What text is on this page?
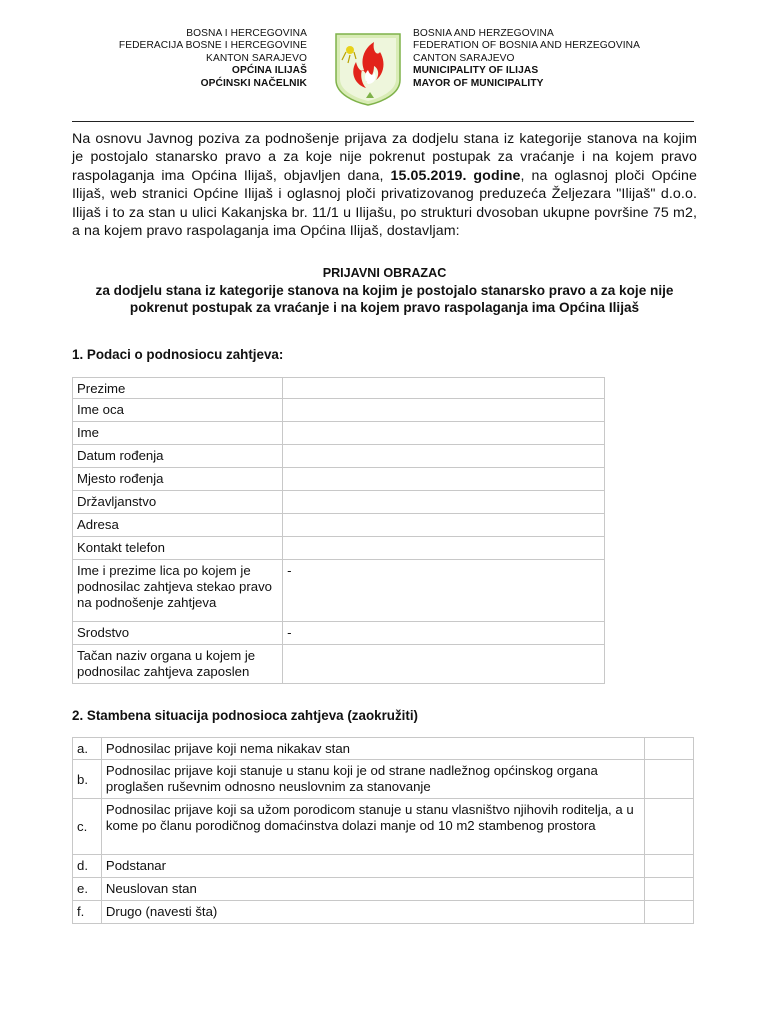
BOSNA I HERCEGOVINA
FEDERACIJA BOSNE I HERCEGOVINE
KANTON SARAJEVO
OPĆINA ILIJAŠ
OPĆINSKI NAČELNIK
BOSNIA AND HERZEGOVINA
FEDERATION OF BOSNIA AND HERZEGOVINA
CANTON SARAJEVO
MUNICIPALITY OF ILIJAS
MAYOR OF MUNICIPALITY
Na osnovu Javnog poziva za podnošenje prijava za dodjelu stana iz kategorije stanova na kojim je postojalo stanarsko pravo a za koje nije pokrenut postupak za vraćanje i na kojem pravo raspolaganja ima Općina Ilijaš, objavljen dana, 15.05.2019. godine, na oglasnoj ploči Općine Ilijaš, web stranici Općine Ilijaš i oglasnoj ploči privatizovanog preduzeća Željezara "Ilijaš" d.o.o. Ilijaš i to za stan u ulici Kakanjska br. 11/1 u Ilijašu, po strukturi dvosoban ukupne površine 75 m2, a na kojem pravo raspolaganja ima Općina Ilijaš, dostavljam:
PRIJAVNI OBRAZAC
za dodjelu stana iz kategorije stanova na kojim je postojalo stanarsko pravo a za koje nije pokrenut postupak za vraćanje i na kojem pravo raspolaganja ima Općina Ilijaš
1. Podaci o podnosiocu zahtjeva:
Prezime	
Ime oca	
Ime	
Datum rođenja	
Mjesto rođenja	
Državljanstvo	
Adresa	
Kontakt telefon	
Ime i prezime lica po kojem je podnosilac zahtjeva stekao pravo na podnošenje zahtjeva	-
Srodstvo	-
Tačan naziv organa u kojem je podnosilac zahtjeva zaposlen	
2. Stambena situacija podnosioca zahtjeva (zaokružiti)
a.	Podnosilac prijave koji nema nikakav stan	
b.	Podnosilac prijave koji stanuje u stanu koji je od strane nadležnog općinskog organa proglašen ruševnim odnosno neuslovnim za stanovanje	
c.	Podnosilac prijave koji sa užom porodicom stanuje u stanu vlasništvo njihovih roditelja, a u kome po članu porodičnog domaćinstva dolazi manje od 10 m2 stambenog prostora	
d.	Podstanar	
e.	Neuslovan stan	
f.	Drugo (navesti šta)	
